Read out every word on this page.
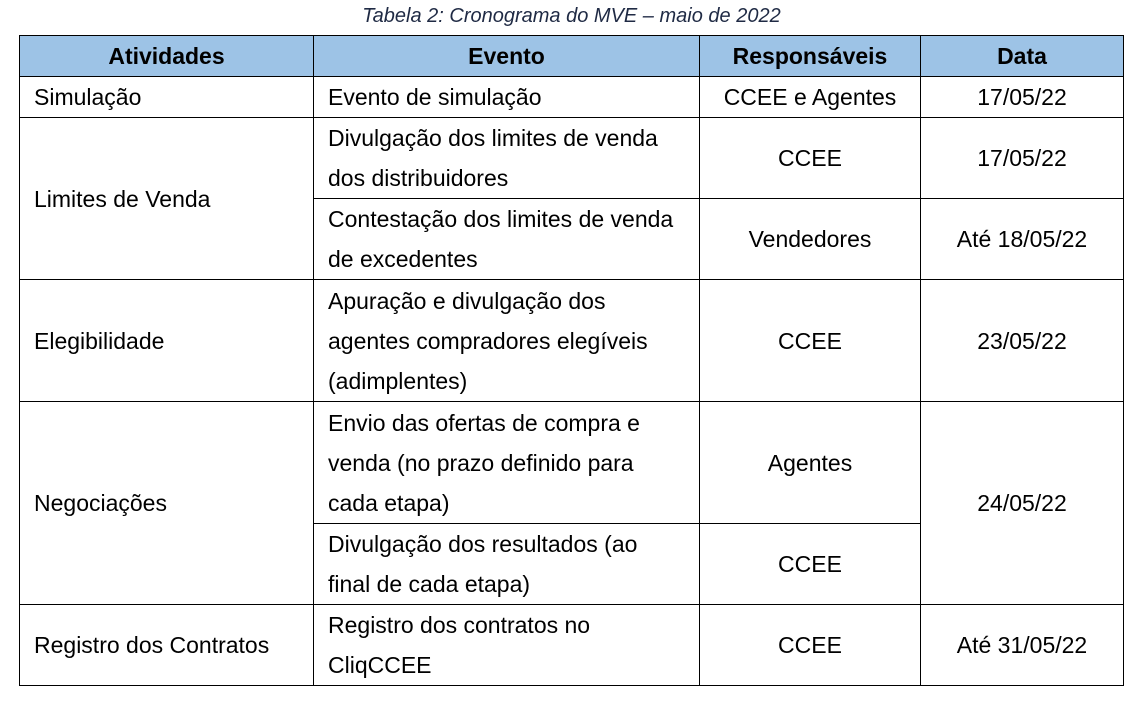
Tabela 2: Cronograma do MVE – maio de 2022
Atividades	Evento	Responsáveis	Data
Simulação	Evento de simulação	CCEE e Agentes	17/05/22
Limites de Venda	Divulgação dos limites de venda dos distribuidores	CCEE	17/05/22
	Contestação dos limites de venda de excedentes	Vendedores	Até 18/05/22
Elegibilidade	Apuração e divulgação dos agentes compradores elegíveis (adimplentes)	CCEE	23/05/22
Negociações	Envio das ofertas de compra e venda (no prazo definido para cada etapa)	Agentes	24/05/22
	Divulgação dos resultados (ao final de cada etapa)	CCEE	
Registro dos Contratos	Registro dos contratos no CliqCCEE	CCEE	Até 31/05/22
